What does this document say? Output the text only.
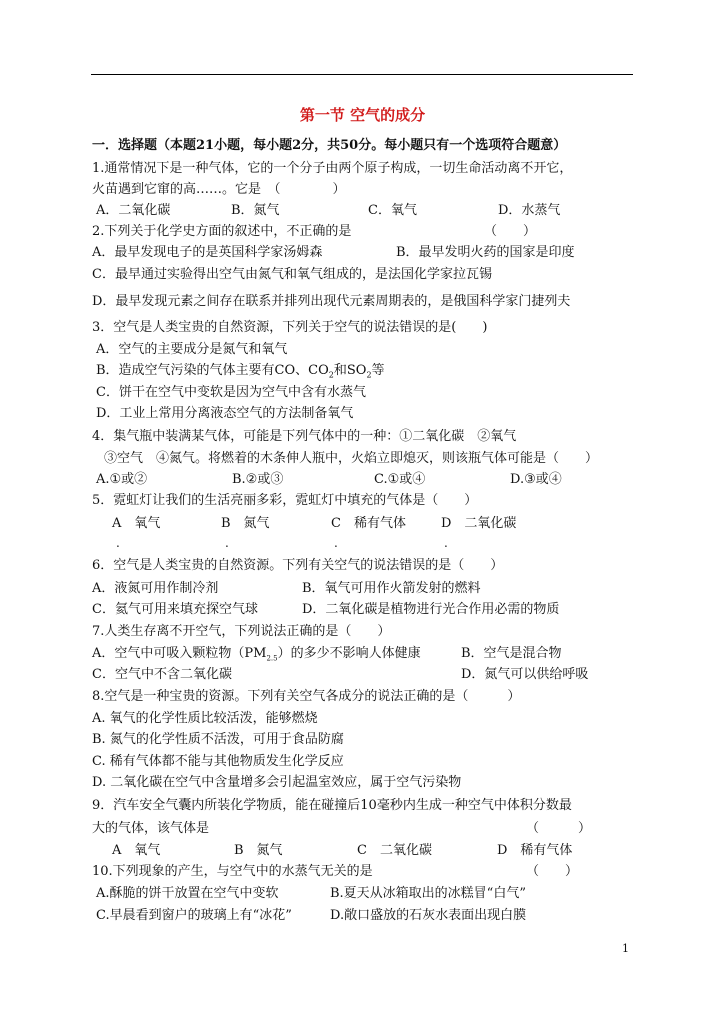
第一节 空气的成分
一．选择题（本题21小题，每小题2分，共50分。每小题只有一个选项符合题意）
1.通常情况下是一种气体，它的一个分子由两个原子构成，一切生命活动离不开它，
火苗遇到它窜的高……。它是　（　　　　）
A．二氧化碳	B．氮气	C．氧气	D．水蒸气
2.下列关于化学史方面的叙述中，不正确的是	（　　）
A．最早发现电子的是英国科学家汤姆森	B．最早发明火药的国家是印度
C．最早通过实验得出空气由氮气和氧气组成的，是法国化学家拉瓦锡
D．最早发现元素之间存在联系并排列出现代元素周期表的，是俄国科学家门捷列夫
3．空气是人类宝贵的自然资源，下列关于空气的说法错误的是(　　)
A．空气的主要成分是氮气和氧气
B．造成空气污染的气体主要有CO、$CO_2$和$SO_2$等
C．饼干在空气中变软是因为空气中含有水蒸气
D．工业上常用分离液态空气的方法制备氧气
4．集气瓶中装满某气体，可能是下列气体中的一种：①二氧化碳　②氧气
③空气　④氮气。将燃着的木条伸人瓶中，火焰立即熄灭，则该瓶气体可能是（　　）
A.①或②	B.②或③	C.①或④	D.③或④
5．霓虹灯让我们的生活亮丽多彩，霓虹灯中填充的气体是（　　）
A　氧气	B　氮气	C　稀有气体	D　二氧化碳
.	.	.	.
6．空气是人类宝贵的自然资源。下列有关空气的说法错误的是（　　）
A．液氮可用作制冷剂	B．氧气可用作火箭发射的燃料
C．氦气可用来填充探空气球	D．二氧化碳是植物进行光合作用必需的物质
7.人类生存离不开空气，下列说法正确的是（　　）
A．空气中可吸入颗粒物$(PM_{2.5})$的多少不影响人体健康	B．空气是混合物
C．空气中不含二氧化碳	D．氮气可以供给呼吸
8.空气是一种宝贵的资源。下列有关空气各成分的说法正确的是（　　　）
A. 氧气的化学性质比较活泼，能够燃烧
B. 氮气的化学性质不活泼，可用于食品防腐
C. 稀有气体都不能与其他物质发生化学反应
D. 二氧化碳在空气中含量增多会引起温室效应，属于空气污染物
9．汽车安全气囊内所装化学物质，能在碰撞后10毫秒内生成一种空气中体积分数最
大的气体，该气体是	（　　　）
A　氧气	B　氮气	C　二氧化碳	D　稀有气体
10.下列现象的产生，与空气中的水蒸气无关的是	（　　）
A.酥脆的饼干放置在空气中变软	B.夏天从冰箱取出的冰糕冒“白气”
C.早晨看到窗户的玻璃上有“冰花”	D.敞口盛放的石灰水表面出现白膜
1
